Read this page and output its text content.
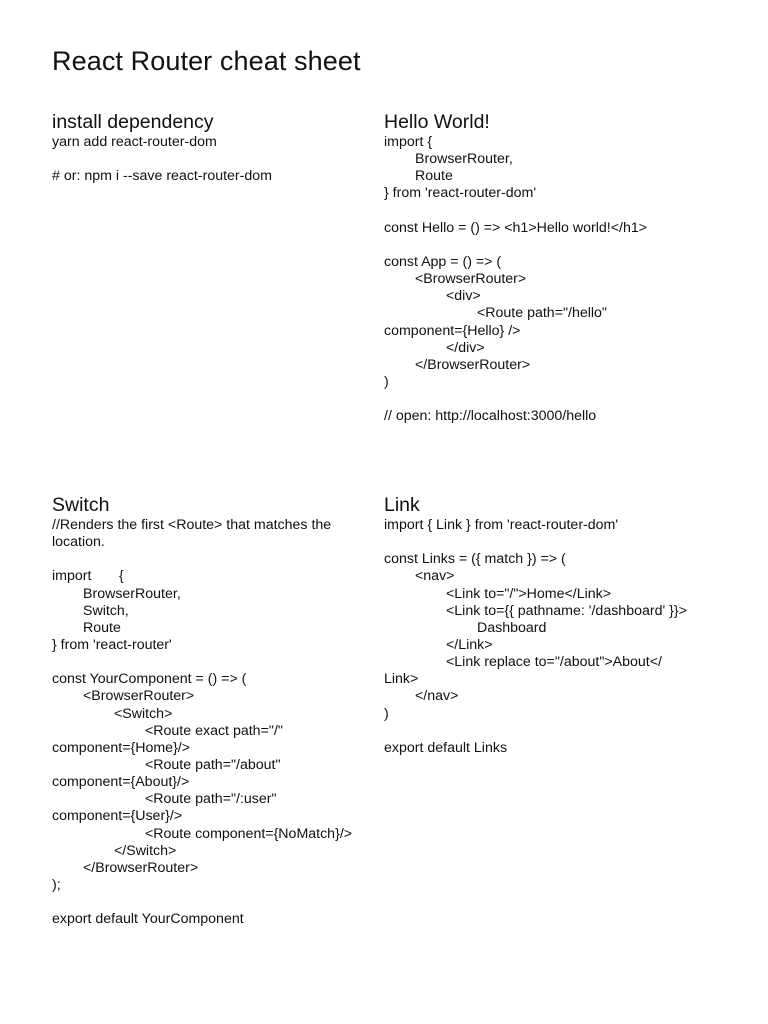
React Router cheat sheet
install dependency
yarn add react-router-dom
# or: npm i --save react-router-dom
Hello World!
import {
BrowserRouter,
Route
} from 'react-router-dom'
const Hello = () => <h1>Hello world!</h1>
const App = () => (
<BrowserRouter>
<div>
<Route path="/hello"
component={Hello} />
</div>
</BrowserRouter>
)
// open: http://localhost:3000/hello
Switch
//Renders the first <Route> that matches the
location.
import       {
BrowserRouter,
Switch,
Route
} from 'react-router'
const YourComponent = () => (
<BrowserRouter>
<Switch>
<Route exact path="/"
component={Home}/>
<Route path="/about"
component={About}/>
<Route path="/:user"
component={User}/>
<Route component={NoMatch}/>
</Switch>
</BrowserRouter>
);
export default YourComponent
Link
import { Link } from 'react-router-dom'
const Links = ({ match }) => (
<nav>
<Link to="/">Home</Link>
<Link to={{ pathname: '/dashboard' }}>
Dashboard
</Link>
<Link replace to="/about">About</
Link>
</nav>
)
export default Links
